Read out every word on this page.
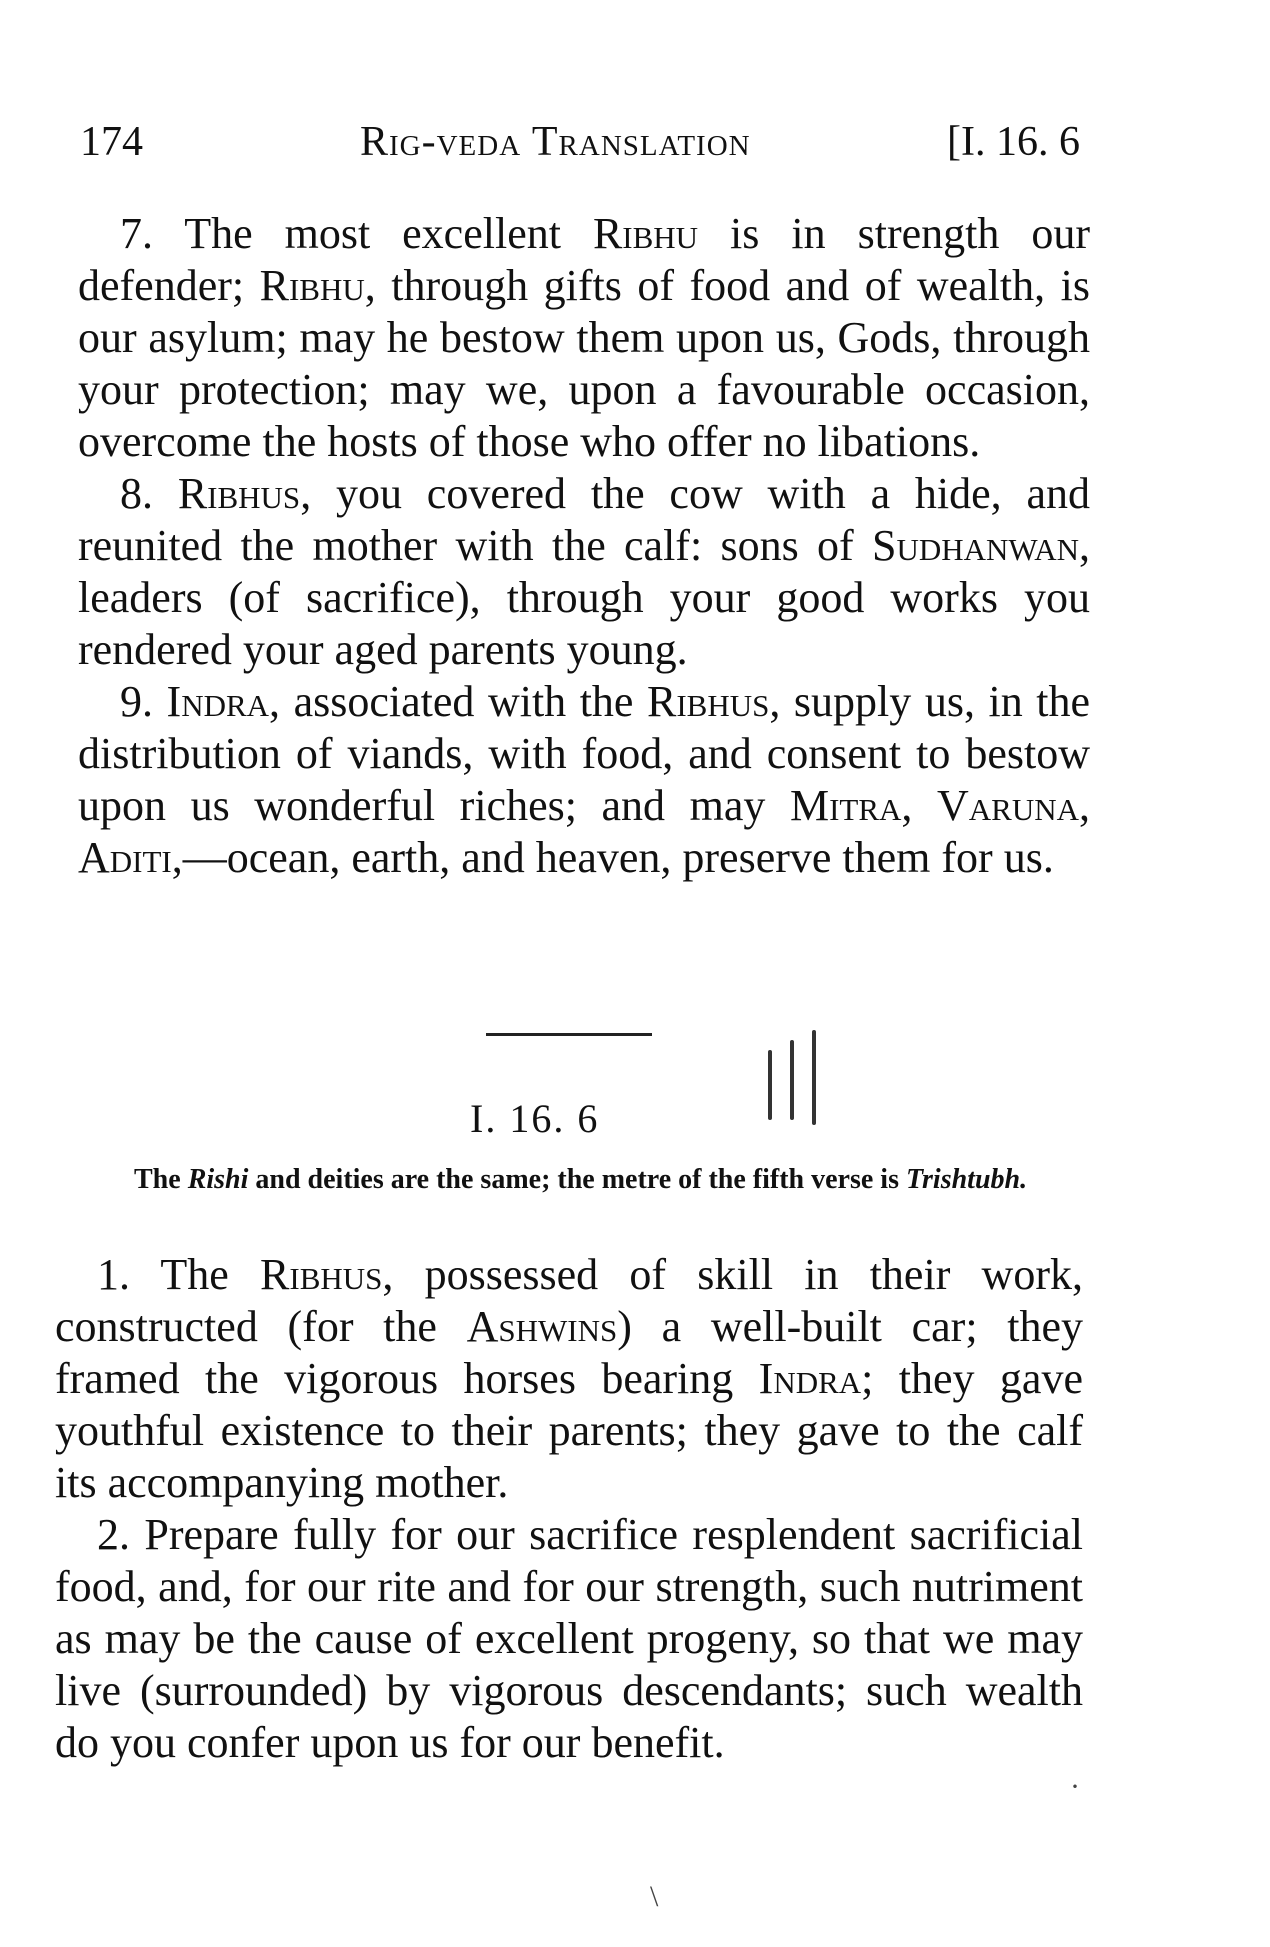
174	Rig-veda Translation	[I. 16. 6

7. The most excellent Ribhu is in strength our defender; Ribhu, through gifts of food and of wealth, is our asylum; may he bestow them upon us, Gods, through your protection; may we, upon a favourable occasion, overcome the hosts of those who offer no libations.

8. Ribhus, you covered the cow with a hide, and reunited the mother with the calf: sons of Sudhanwan, leaders (of sacrifice), through your good works you rendered your aged parents young.

9. Indra, associated with the Ribhus, supply us, in the distribution of viands, with food, and consent to bestow upon us wonderful riches; and may Mitra, Varuna, Aditi,—ocean, earth, and heaven, preserve them for us.

I. 16. 6

The Rishi and deities are the same; the metre of the fifth verse is Trishtubh.

1. The Ribhus, possessed of skill in their work, constructed (for the Ashwins) a well-built car; they framed the vigorous horses bearing Indra; they gave youthful existence to their parents; they gave to the calf its accompanying mother.

2. Prepare fully for our sacrifice resplendent sacrificial food, and, for our rite and for our strength, such nutriment as may be the cause of excellent progeny, so that we may live (surrounded) by vigorous descendants; such wealth do you confer upon us for our benefit.

·
\
